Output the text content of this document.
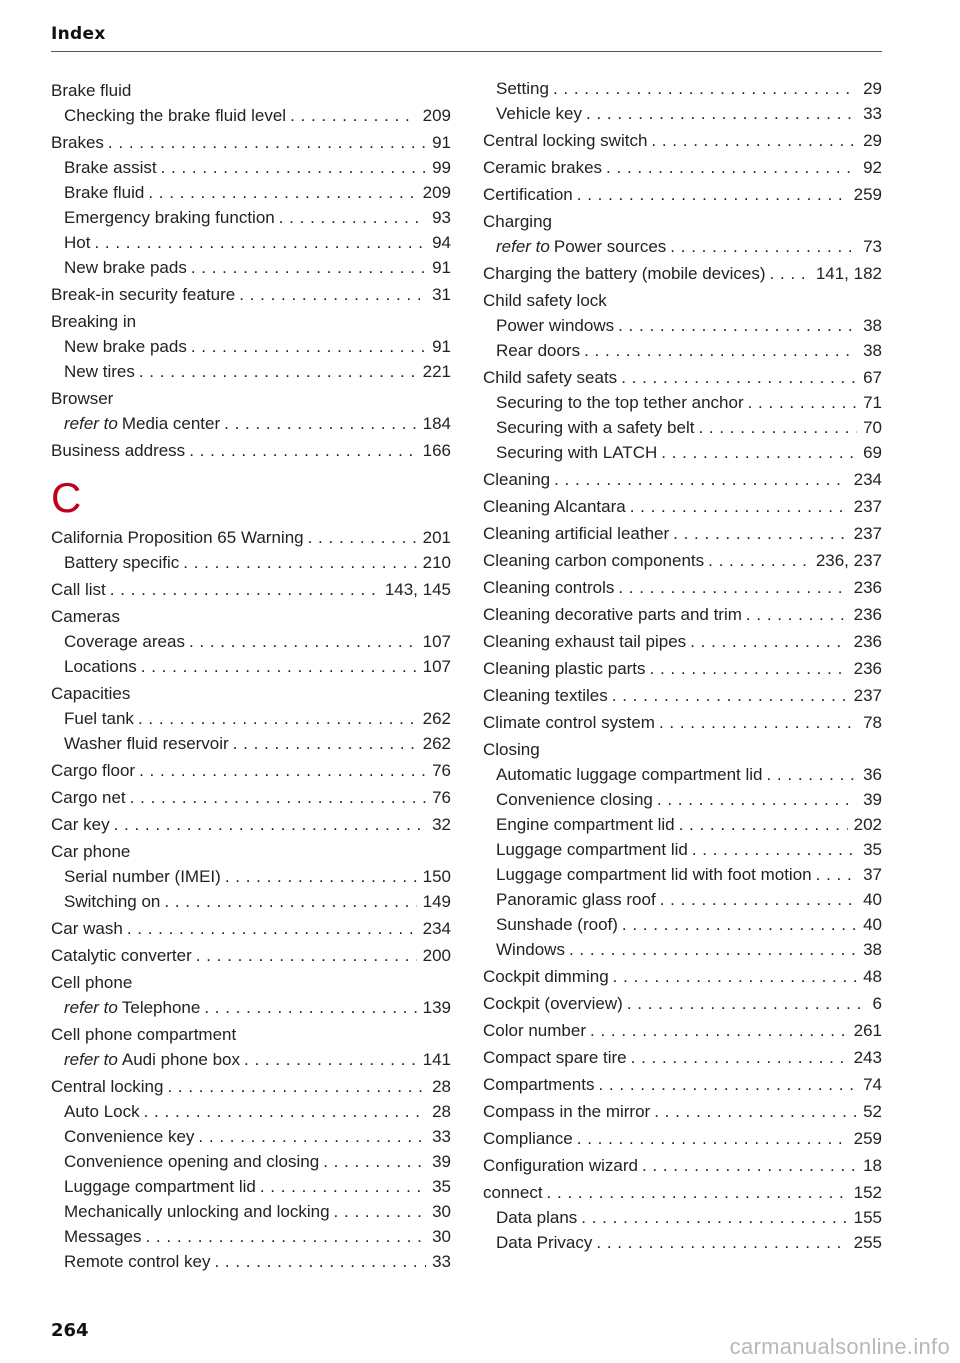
Index
Brake fluid
Checking the brake fluid level . . .	209
Brakes . . .	91
Brake assist . . .	99
Brake fluid . . .	209
Emergency braking function . . .	93
Hot . . .	94
New brake pads . . .	91
Break-in security feature . . .	31
Breaking in
New brake pads . . .	91
New tires . . .	221
Browser
refer to Media center . . .	184
Business address . . .	166
C
California Proposition 65 Warning . . .	201
Battery specific . . .	210
Call list . . .	143, 145
Cameras
Coverage areas . . .	107
Locations . . .	107
Capacities
Fuel tank . . .	262
Washer fluid reservoir . . .	262
Cargo floor . . .	76
Cargo net . . .	76
Car key . . .	32
Car phone
Serial number (IMEI) . . .	150
Switching on . . .	149
Car wash . . .	234
Catalytic converter . . .	200
Cell phone
refer to Telephone . . .	139
Cell phone compartment
refer to Audi phone box . . .	141
Central locking . . .	28
Auto Lock . . .	28
Convenience key . . .	33
Convenience opening and closing . . .	39
Luggage compartment lid . . .	35
Mechanically unlocking and locking . . .	30
Messages . . .	30
Remote control key . . .	33
Setting . . .	29
Vehicle key . . .	33
Central locking switch . . .	29
Ceramic brakes . . .	92
Certification . . .	259
Charging
refer to Power sources . . .	73
Charging the battery (mobile devices) . . .	141, 182
Child safety lock
Power windows . . .	38
Rear doors . . .	38
Child safety seats . . .	67
Securing to the top tether anchor . . .	71
Securing with a safety belt . . .	70
Securing with LATCH . . .	69
Cleaning . . .	234
Cleaning Alcantara . . .	237
Cleaning artificial leather . . .	237
Cleaning carbon components . . .	236, 237
Cleaning controls . . .	236
Cleaning decorative parts and trim . . .	236
Cleaning exhaust tail pipes . . .	236
Cleaning plastic parts . . .	236
Cleaning textiles . . .	237
Climate control system . . .	78
Closing
Automatic luggage compartment lid . . .	36
Convenience closing . . .	39
Engine compartment lid . . .	202
Luggage compartment lid . . .	35
Luggage compartment lid with foot motion . . .	37
Panoramic glass roof . . .	40
Sunshade (roof) . . .	40
Windows . . .	38
Cockpit dimming . . .	48
Cockpit (overview) . . .	6
Color number . . .	261
Compact spare tire . . .	243
Compartments . . .	74
Compass in the mirror . . .	52
Compliance . . .	259
Configuration wizard . . .	18
connect . . .	152
Data plans . . .	155
Data Privacy . . .	255
264
carmanualsonline.info
